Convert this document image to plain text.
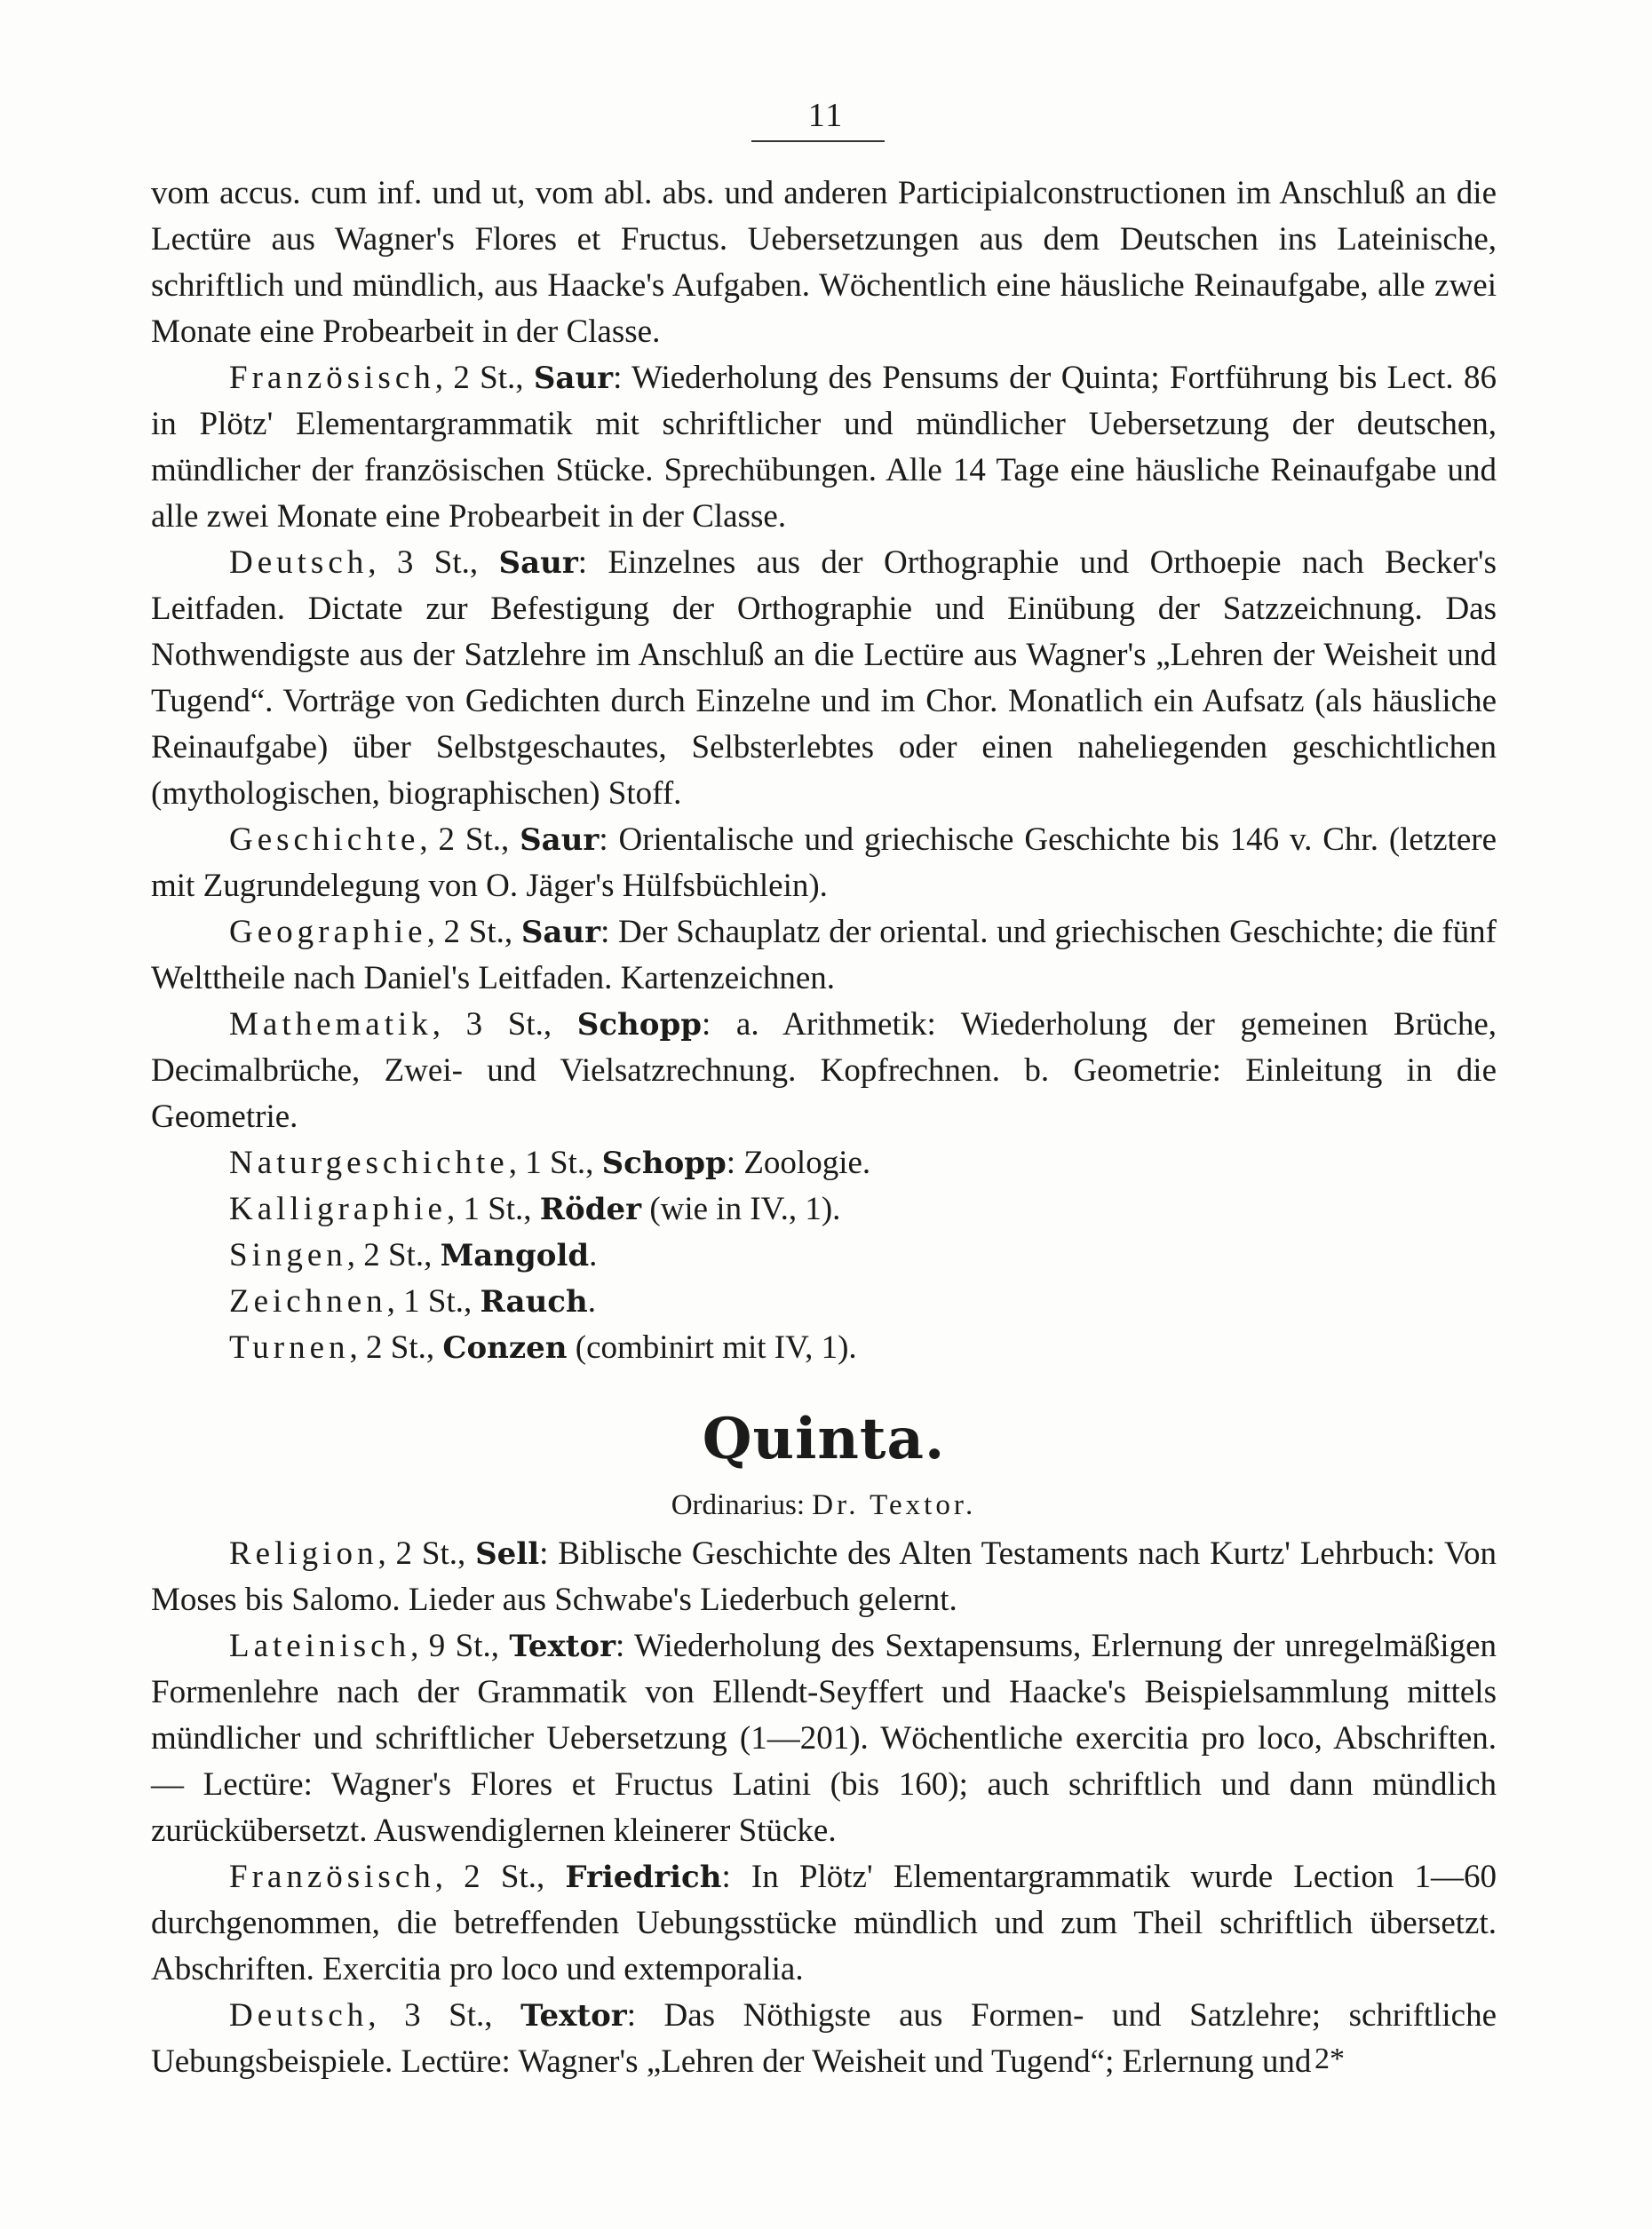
11

vom accus. cum inf. und ut, vom abl. abs. und anderen Participialconstructionen im Anschluß an die Lectüre aus Wagner's Flores et Fructus. Uebersetzungen aus dem Deutschen ins Lateinische, schriftlich und mündlich, aus Haacke's Aufgaben. Wöchentlich eine häusliche Reinaufgabe, alle zwei Monate eine Probearbeit in der Classe.

Französisch, 2 St., Saur: Wiederholung des Pensums der Quinta; Fortführung bis Lect. 86 in Plötz' Elementargrammatik mit schriftlicher und mündlicher Uebersetzung der deutschen, mündlicher der französischen Stücke. Sprechübungen. Alle 14 Tage eine häusliche Reinaufgabe und alle zwei Monate eine Probearbeit in der Classe.

Deutsch, 3 St., Saur: Einzelnes aus der Orthographie und Orthoepie nach Becker's Leitfaden. Dictate zur Befestigung der Orthographie und Einübung der Satzzeichnung. Das Nothwendigste aus der Satzlehre im Anschluß an die Lectüre aus Wagner's „Lehren der Weisheit und Tugend“. Vorträge von Gedichten durch Einzelne und im Chor. Monatlich ein Aufsatz (als häusliche Reinaufgabe) über Selbstgeschautes, Selbsterlebtes oder einen naheliegenden geschichtlichen (mythologischen, biographischen) Stoff.

Geschichte, 2 St., Saur: Orientalische und griechische Geschichte bis 146 v. Chr. (letztere mit Zugrundelegung von O. Jäger's Hülfsbüchlein).

Geographie, 2 St., Saur: Der Schauplatz der oriental. und griechischen Geschichte; die fünf Welttheile nach Daniel's Leitfaden. Kartenzeichnen.

Mathematik, 3 St., Schopp: a. Arithmetik: Wiederholung der gemeinen Brüche, Decimalbrüche, Zwei- und Vielsatzrechnung. Kopfrechnen. b. Geometrie: Einleitung in die Geometrie.

Naturgeschichte, 1 St., Schopp: Zoologie.

Kalligraphie, 1 St., Röder (wie in IV., 1).

Singen, 2 St., Mangold.

Zeichnen, 1 St., Rauch.

Turnen, 2 St., Conzen (combinirt mit IV, 1).

Quinta.
Ordinarius: Dr. Textor.

Religion, 2 St., Sell: Biblische Geschichte des Alten Testaments nach Kurtz' Lehrbuch: Von Moses bis Salomo. Lieder aus Schwabe's Liederbuch gelernt.

Lateinisch, 9 St., Textor: Wiederholung des Sextapensums, Erlernung der unregelmäßigen Formenlehre nach der Grammatik von Ellendt-Seyffert und Haacke's Beispielsammlung mittels mündlicher und schriftlicher Uebersetzung (1—201). Wöchentliche exercitia pro loco, Abschriften. — Lectüre: Wagner's Flores et Fructus Latini (bis 160); auch schriftlich und dann mündlich zurückübersetzt. Auswendiglernen kleinerer Stücke.

Französisch, 2 St., Friedrich: In Plötz' Elementargrammatik wurde Lection 1—60 durchgenommen, die betreffenden Uebungsstücke mündlich und zum Theil schriftlich übersetzt. Abschriften. Exercitia pro loco und extemporalia.

Deutsch, 3 St., Textor: Das Nöthigste aus Formen- und Satzlehre; schriftliche Uebungsbeispiele. Lectüre: Wagner's „Lehren der Weisheit und Tugend“; Erlernung und 2*
